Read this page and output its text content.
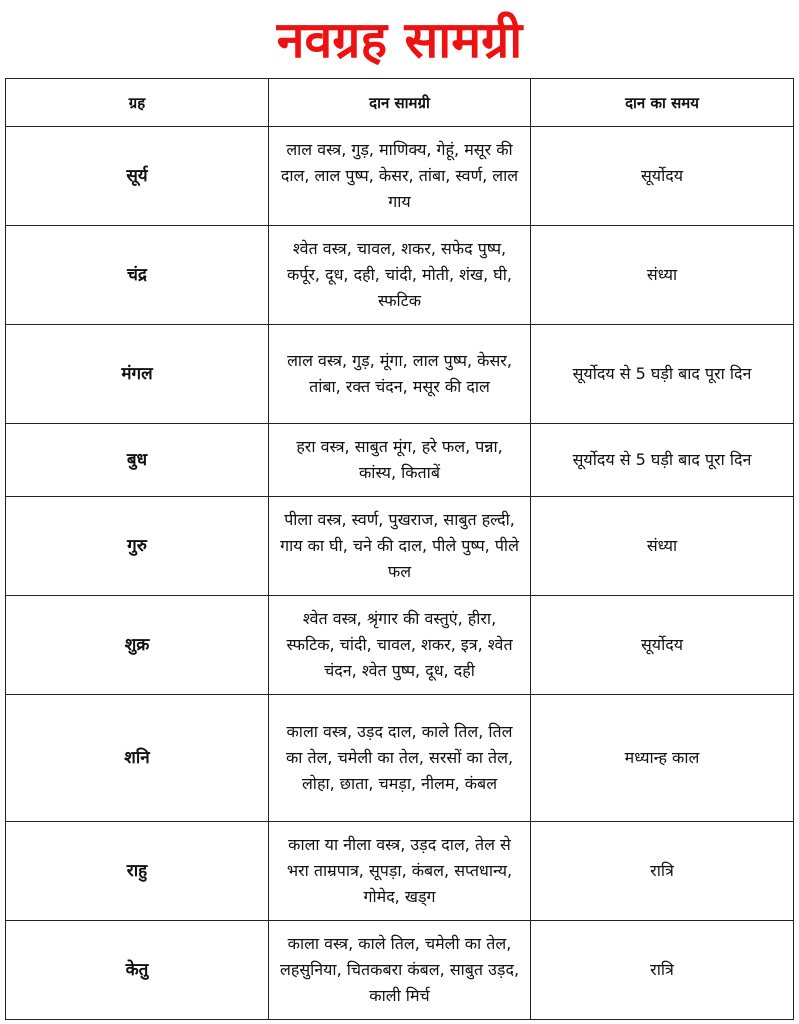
नवग्रह सामग्री
ग्रह	दान सामग्री	दान का समय
सूर्य	लाल वस्त्र, गुड़, माणिक्य, गेहूं, मसूर की दाल, लाल पुष्प, केसर, तांबा, स्वर्ण, लाल गाय	सूर्योदय
चंद्र	श्वेत वस्त्र, चावल, शकर, सफेद पुष्प, कर्पूर, दूध, दही, चांदी, मोती, शंख, घी, स्फटिक	संध्या
मंगल	लाल वस्त्र, गुड़, मूंगा, लाल पुष्प, केसर, तांबा, रक्त चंदन, मसूर की दाल	सूर्योदय से 5 घड़ी बाद पूरा दिन
बुध	हरा वस्त्र, साबुत मूंग, हरे फल, पन्ना, कांस्य, किताबें	सूर्योदय से 5 घड़ी बाद पूरा दिन
गुरु	पीला वस्त्र, स्वर्ण, पुखराज, साबुत हल्दी, गाय का घी, चने की दाल, पीले पुष्प, पीले फल	संध्या
शुक्र	श्वेत वस्त्र, श्रृंगार की वस्तुएं, हीरा, स्फटिक, चांदी, चावल, शकर, इत्र, श्वेत चंदन, श्वेत पुष्प, दूध, दही	सूर्योदय
शनि	काला वस्त्र, उड़द दाल, काले तिल, तिल का तेल, चमेली का तेल, सरसों का तेल, लोहा, छाता, चमड़ा, नीलम, कंबल	मध्यान्ह काल
राहु	काला या नीला वस्त्र, उड़द दाल, तेल से भरा ताम्रपात्र, सूपड़ा, कंबल, सप्तधान्य, गोमेद, खड्ग	रात्रि
केतु	काला वस्त्र, काले तिल, चमेली का तेल, लहसुनिया, चितकबरा कंबल, साबुत उड़द, काली मिर्च	रात्रि
